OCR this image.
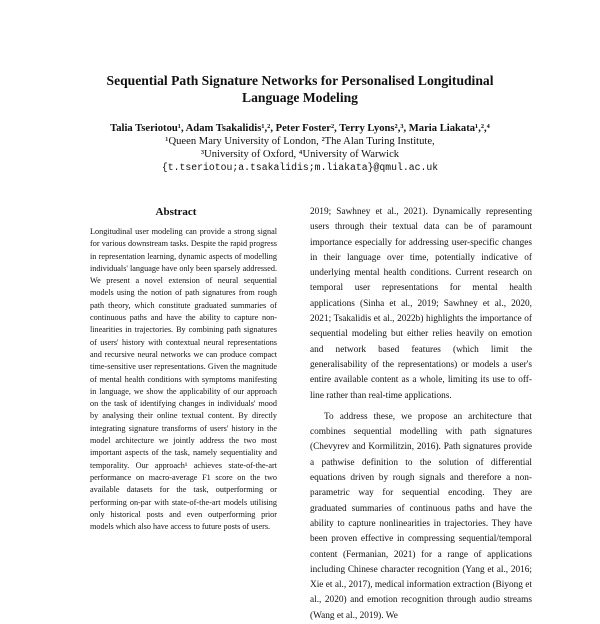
Sequential Path Signature Networks for Personalised Longitudinal
Language Modeling
Talia Tseriotou¹, Adam Tsakalidis¹,², Peter Foster², Terry Lyons²,³, Maria Liakata¹,²,⁴
¹Queen Mary University of London, ²The Alan Turing Institute,
³University of Oxford, ⁴University of Warwick
{t.tseriotou;a.tsakalidis;m.liakata}@qmul.ac.uk
Abstract

Longitudinal user modeling can provide a strong signal for various downstream tasks. Despite the rapid progress in representation learning, dynamic aspects of modelling individuals' language have only been sparsely addressed. We present a novel extension of neural sequential models using the notion of path signatures from rough path theory, which constitute graduated summaries of continuous paths and have the ability to capture non-linearities in trajectories. By combining path signatures of users' history with contextual neural representations and recursive neural networks we can produce compact time-sensitive user representations. Given the magnitude of mental health conditions with symptoms manifesting in language, we show the applicability of our approach on the task of identifying changes in individuals' mood by analysing their online textual content. By directly integrating signature transforms of users' history in the model architecture we jointly address the two most important aspects of the task, namely sequentiality and temporality. Our approach¹ achieves state-of-the-art performance on macro-average F1 score on the two available datasets for the task, outperforming or performing on-par with state-of-the-art models utilising only historical posts and even outperforming prior models which also have access to future posts of users.

2019; Sawhney et al., 2021). Dynamically representing users through their textual data can be of paramount importance especially for addressing user-specific changes in their language over time, potentially indicative of underlying mental health conditions. Current research on temporal user representations for mental health applications (Sinha et al., 2019; Sawhney et al., 2020, 2021; Tsakalidis et al., 2022b) highlights the importance of sequential modeling but either relies heavily on emotion and network based features (which limit the generalisability of the representations) or models a user's entire available content as a whole, limiting its use to off-line rather than real-time applications.

To address these, we propose an architecture that combines sequential modelling with path signatures (Chevyrev and Kormilitzin, 2016). Path signatures provide a pathwise definition to the solution of differential equations driven by rough signals and therefore a non-parametric way for sequential encoding. They are graduated summaries of continuous paths and have the ability to capture nonlinearities in trajectories. They have been proven effective in compressing sequential/temporal content (Fermanian, 2021) for a range of applications including Chinese character recognition (Yang et al., 2016; Xie et al., 2017), medical information extraction (Biyong et al., 2020) and emotion recognition through audio streams (Wang et al., 2019). We
